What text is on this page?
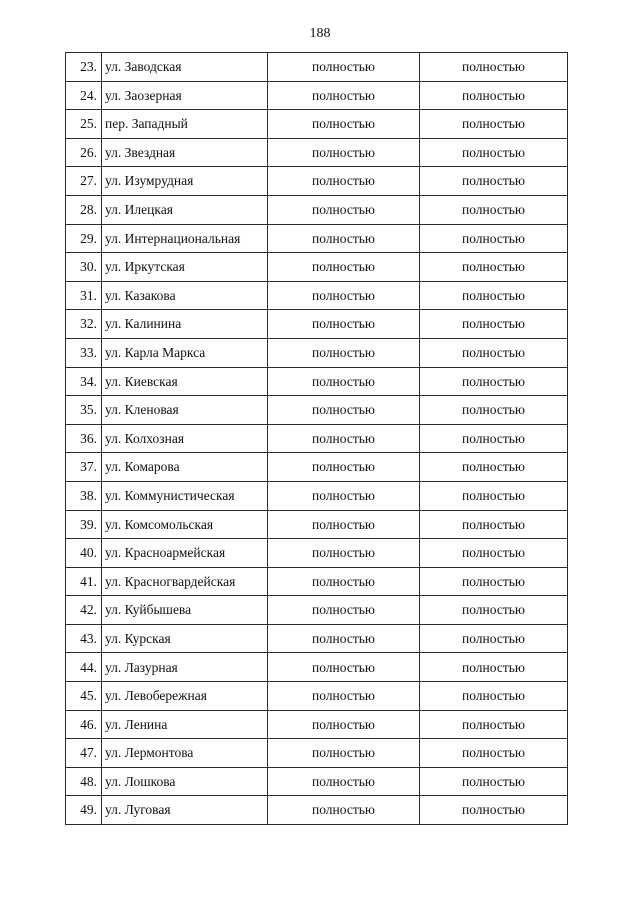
188
23.	ул. Заводская	полностью	полностью
24.	ул. Заозерная	полностью	полностью
25.	пер. Западный	полностью	полностью
26.	ул. Звездная	полностью	полностью
27.	ул. Изумрудная	полностью	полностью
28.	ул. Илецкая	полностью	полностью
29.	ул. Интернациональная	полностью	полностью
30.	ул. Иркутская	полностью	полностью
31.	ул. Казакова	полностью	полностью
32.	ул. Калинина	полностью	полностью
33.	ул. Карла Маркса	полностью	полностью
34.	ул. Киевская	полностью	полностью
35.	ул. Кленовая	полностью	полностью
36.	ул. Колхозная	полностью	полностью
37.	ул. Комарова	полностью	полностью
38.	ул. Коммунистическая	полностью	полностью
39.	ул. Комсомольская	полностью	полностью
40.	ул. Красноармейская	полностью	полностью
41.	ул. Красногвардейская	полностью	полностью
42.	ул. Куйбышева	полностью	полностью
43.	ул. Курская	полностью	полностью
44.	ул. Лазурная	полностью	полностью
45.	ул. Левобережная	полностью	полностью
46.	ул. Ленина	полностью	полностью
47.	ул. Лермонтова	полностью	полностью
48.	ул. Лошкова	полностью	полностью
49.	ул. Луговая	полностью	полностью
